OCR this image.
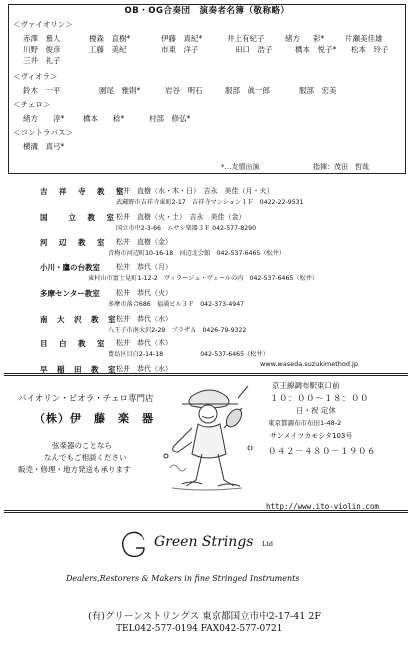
OB・OG合奏団　演奏者名簿（敬称略）
＜ヴァイオリン＞
赤澤　慕人	榎森　直樹*	伊藤　真紀*	井上有紀子	緒方 彩*	片瀬美佳雄
川野　俊彦	工藤　美紀	市東　洋子	田口　浩子	橋本　悦子* 松本　玲子
三井　礼子
＜ヴィオラ＞
鈴木　一平	園尾　雅則*	岩谷　明石	服部　眞一郎	服部　宏美
＜チェロ＞
緒方　　淳*	橋本　　稔*	村部　修弘*
＜コントラバス＞
横溝　真弓*
*…友情出演	指揮：茂田　哲哉
吉　祥　寺　教　室
松井　直樹（水・木・日）　吉永　美佳（月・火）
武蔵野市吉祥寺東町2-17　吉祥寺マンション１Ｆ　0422-22-9531
国　　立　教　室 松井　直樹（火・土）　吉永　美佳（金）
国立市中2-3-66　ムサシ楽器３Ｆ 042-577-8290
河　辺　教　室 松井　直樹（金）
青梅市河辺町10-16-18　河辺北会館　042-537-6465（松井）
小川・鷹の台教室 松井　恭代（月）
東村山市富士見町1-12-2　ヴィラージュ・ヴェールの内　042-537-6465（松井）
多摩センター教室 松井　恭代（火）
多摩市落合686　福満ビル３Ｆ　042-373-4947
南　大　沢　教　室 松井　恭代（水）
八王子市南大沢2-29　プラザＡ　0426-79-9322
目　白　教　室 松井　恭代（木）
豊島区目白2-14-18　　　　　　042-537-6465（松井）
早　稲　田　教　室 松井　恭代（水）
バイオリン・ビオラ・チェロ専門店
（株）伊　藤　楽　器
弦楽器のことなら
なんでもご相談ください
販売・修理・地方発送も承ります
京王線調布駅東口前
１０：００～１８：００
日・祝 定休
東京都調布市布田1-48-2
サンメイツカモシタ103号
０４２－４８０－１９０６
http://www.ito-violin.com
Green Strings Ltd
Dealers,Restorers & Makers in fine Stringed Instruments
(有)グリーンストリングス 東京都国立市中2-17-41 2F
TEL042-577-0194 FAX042-577-0721
www.waseda.suzukimethod.jp
